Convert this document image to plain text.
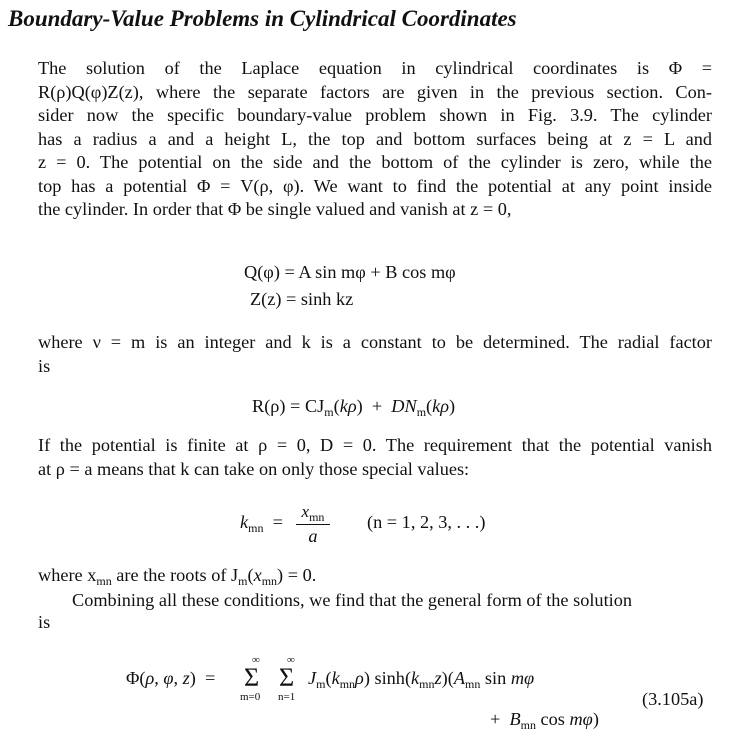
Boundary-Value Problems in Cylindrical Coordinates
The solution of the Laplace equation in cylindrical coordinates is Φ =
R(ρ)Q(φ)Z(z), where the separate factors are given in the previous section. Con-
sider now the specific boundary-value problem shown in Fig. 3.9. The cylinder
has a radius a and a height L, the top and bottom surfaces being at z = L and
z = 0. The potential on the side and the bottom of the cylinder is zero, while the
top has a potential Φ = V(ρ, φ). We want to find the potential at any point inside
the cylinder. In order that Φ be single valued and vanish at z = 0,
Q(φ) = A sin mφ + B cos mφ
Z(z) = sinh kz
where ν = m is an integer and k is a constant to be determined. The radial factor
is
$R(\rho) = CJ_m(k\rho) + DN_m(k\rho)$
If the potential is finite at ρ = 0, D = 0. The requirement that the potential vanish
at ρ = a means that k can take on only those special values:
$k_{mn}$  =
$x_{mn}$
a
(n = 1, 2, 3, . . .)
where $x_{mn}$ are the roots of $J_m(x_{mn}) = 0$.
Combining all these conditions, we find that the general form of the solution
is
Φ(ρ, φ, z)  =
∞
Σ
m=0
∞
Σ
n=1
$J_m(k_{mn}\rho)$ $\sinh(k_{mn}z)(A_{mn}$ sin mφ
(3.105a)
+  $B_{mn}$ cos mφ)
